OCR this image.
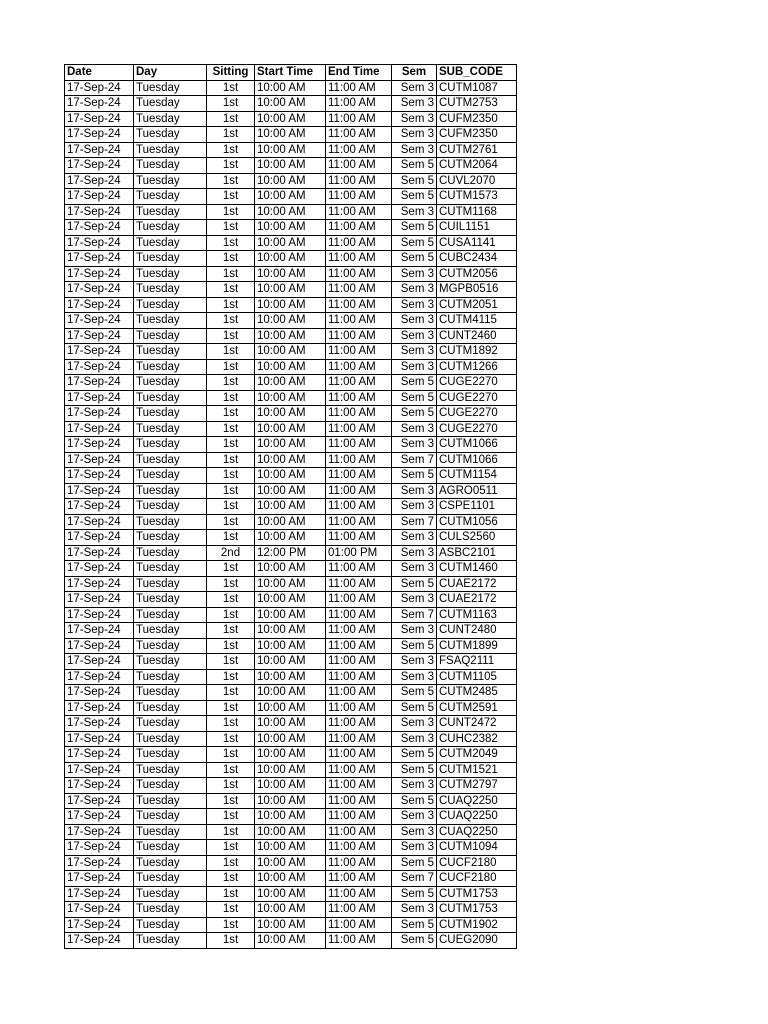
Date	Day	Sitting	Start Time	End Time	Sem	SUB_CODE
17-Sep-24	Tuesday	1st	10:00 AM	11:00 AM	Sem 3	CUTM1087
17-Sep-24	Tuesday	1st	10:00 AM	11:00 AM	Sem 3	CUTM2753
17-Sep-24	Tuesday	1st	10:00 AM	11:00 AM	Sem 3	CUFM2350
17-Sep-24	Tuesday	1st	10:00 AM	11:00 AM	Sem 3	CUFM2350
17-Sep-24	Tuesday	1st	10:00 AM	11:00 AM	Sem 3	CUTM2761
17-Sep-24	Tuesday	1st	10:00 AM	11:00 AM	Sem 5	CUTM2064
17-Sep-24	Tuesday	1st	10:00 AM	11:00 AM	Sem 5	CUVL2070
17-Sep-24	Tuesday	1st	10:00 AM	11:00 AM	Sem 5	CUTM1573
17-Sep-24	Tuesday	1st	10:00 AM	11:00 AM	Sem 3	CUTM1168
17-Sep-24	Tuesday	1st	10:00 AM	11:00 AM	Sem 5	CUIL1151
17-Sep-24	Tuesday	1st	10:00 AM	11:00 AM	Sem 5	CUSA1141
17-Sep-24	Tuesday	1st	10:00 AM	11:00 AM	Sem 5	CUBC2434
17-Sep-24	Tuesday	1st	10:00 AM	11:00 AM	Sem 3	CUTM2056
17-Sep-24	Tuesday	1st	10:00 AM	11:00 AM	Sem 3	MGPB0516
17-Sep-24	Tuesday	1st	10:00 AM	11:00 AM	Sem 3	CUTM2051
17-Sep-24	Tuesday	1st	10:00 AM	11:00 AM	Sem 3	CUTM4115
17-Sep-24	Tuesday	1st	10:00 AM	11:00 AM	Sem 3	CUNT2460
17-Sep-24	Tuesday	1st	10:00 AM	11:00 AM	Sem 3	CUTM1892
17-Sep-24	Tuesday	1st	10:00 AM	11:00 AM	Sem 3	CUTM1266
17-Sep-24	Tuesday	1st	10:00 AM	11:00 AM	Sem 5	CUGE2270
17-Sep-24	Tuesday	1st	10:00 AM	11:00 AM	Sem 5	CUGE2270
17-Sep-24	Tuesday	1st	10:00 AM	11:00 AM	Sem 5	CUGE2270
17-Sep-24	Tuesday	1st	10:00 AM	11:00 AM	Sem 3	CUGE2270
17-Sep-24	Tuesday	1st	10:00 AM	11:00 AM	Sem 3	CUTM1066
17-Sep-24	Tuesday	1st	10:00 AM	11:00 AM	Sem 7	CUTM1066
17-Sep-24	Tuesday	1st	10:00 AM	11:00 AM	Sem 5	CUTM1154
17-Sep-24	Tuesday	1st	10:00 AM	11:00 AM	Sem 3	AGRO0511
17-Sep-24	Tuesday	1st	10:00 AM	11:00 AM	Sem 3	CSPE1101
17-Sep-24	Tuesday	1st	10:00 AM	11:00 AM	Sem 7	CUTM1056
17-Sep-24	Tuesday	1st	10:00 AM	11:00 AM	Sem 3	CULS2560
17-Sep-24	Tuesday	2nd	12:00 PM	01:00 PM	Sem 3	ASBC2101
17-Sep-24	Tuesday	1st	10:00 AM	11:00 AM	Sem 3	CUTM1460
17-Sep-24	Tuesday	1st	10:00 AM	11:00 AM	Sem 5	CUAE2172
17-Sep-24	Tuesday	1st	10:00 AM	11:00 AM	Sem 3	CUAE2172
17-Sep-24	Tuesday	1st	10:00 AM	11:00 AM	Sem 7	CUTM1163
17-Sep-24	Tuesday	1st	10:00 AM	11:00 AM	Sem 3	CUNT2480
17-Sep-24	Tuesday	1st	10:00 AM	11:00 AM	Sem 5	CUTM1899
17-Sep-24	Tuesday	1st	10:00 AM	11:00 AM	Sem 3	FSAQ2111
17-Sep-24	Tuesday	1st	10:00 AM	11:00 AM	Sem 3	CUTM1105
17-Sep-24	Tuesday	1st	10:00 AM	11:00 AM	Sem 5	CUTM2485
17-Sep-24	Tuesday	1st	10:00 AM	11:00 AM	Sem 5	CUTM2591
17-Sep-24	Tuesday	1st	10:00 AM	11:00 AM	Sem 3	CUNT2472
17-Sep-24	Tuesday	1st	10:00 AM	11:00 AM	Sem 3	CUHC2382
17-Sep-24	Tuesday	1st	10:00 AM	11:00 AM	Sem 5	CUTM2049
17-Sep-24	Tuesday	1st	10:00 AM	11:00 AM	Sem 5	CUTM1521
17-Sep-24	Tuesday	1st	10:00 AM	11:00 AM	Sem 3	CUTM2797
17-Sep-24	Tuesday	1st	10:00 AM	11:00 AM	Sem 5	CUAQ2250
17-Sep-24	Tuesday	1st	10:00 AM	11:00 AM	Sem 3	CUAQ2250
17-Sep-24	Tuesday	1st	10:00 AM	11:00 AM	Sem 3	CUAQ2250
17-Sep-24	Tuesday	1st	10:00 AM	11:00 AM	Sem 3	CUTM1094
17-Sep-24	Tuesday	1st	10:00 AM	11:00 AM	Sem 5	CUCF2180
17-Sep-24	Tuesday	1st	10:00 AM	11:00 AM	Sem 7	CUCF2180
17-Sep-24	Tuesday	1st	10:00 AM	11:00 AM	Sem 5	CUTM1753
17-Sep-24	Tuesday	1st	10:00 AM	11:00 AM	Sem 3	CUTM1753
17-Sep-24	Tuesday	1st	10:00 AM	11:00 AM	Sem 5	CUTM1902
17-Sep-24	Tuesday	1st	10:00 AM	11:00 AM	Sem 5	CUEG2090
